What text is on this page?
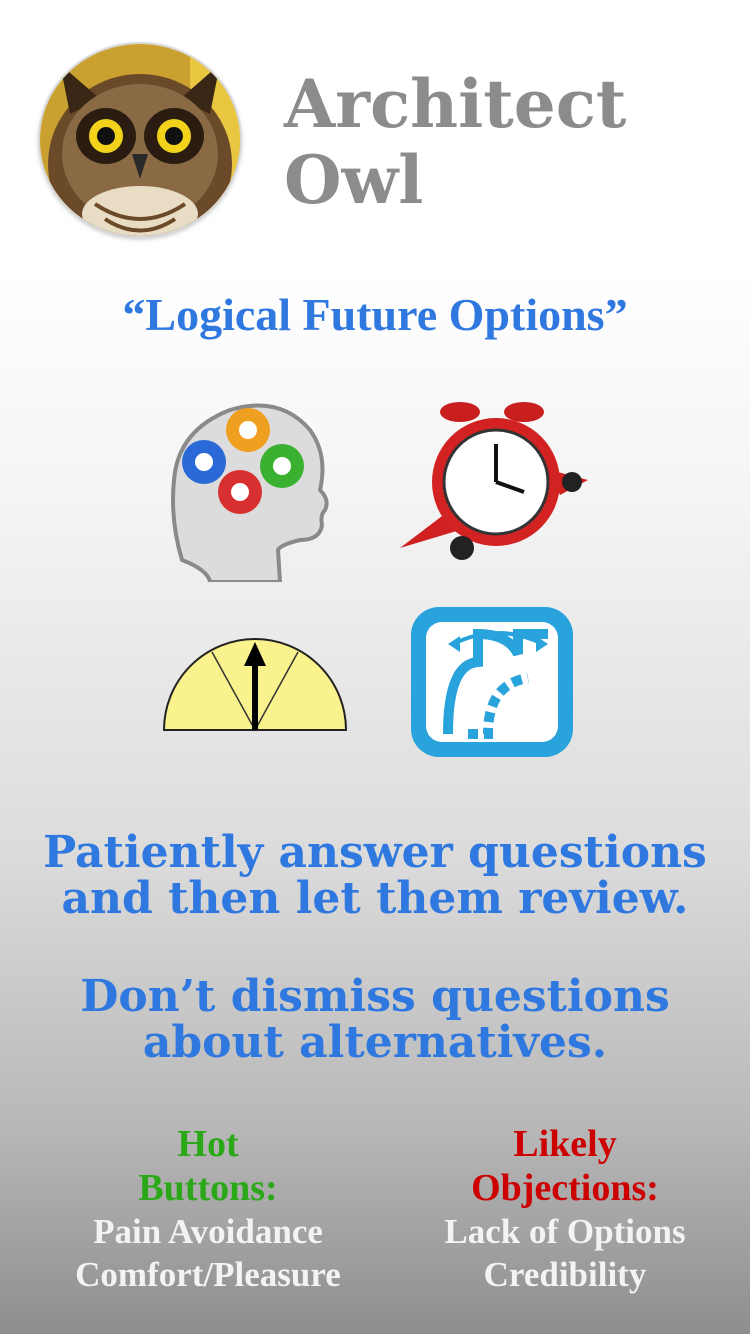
Architect
Owl
“Logical Future Options”
Patiently answer questions
and then let them review.
Don’t dismiss questions
about alternatives.
Hot
Buttons:
Pain Avoidance
Comfort/Pleasure
Likely
Objections:
Lack of Options
Credibility
